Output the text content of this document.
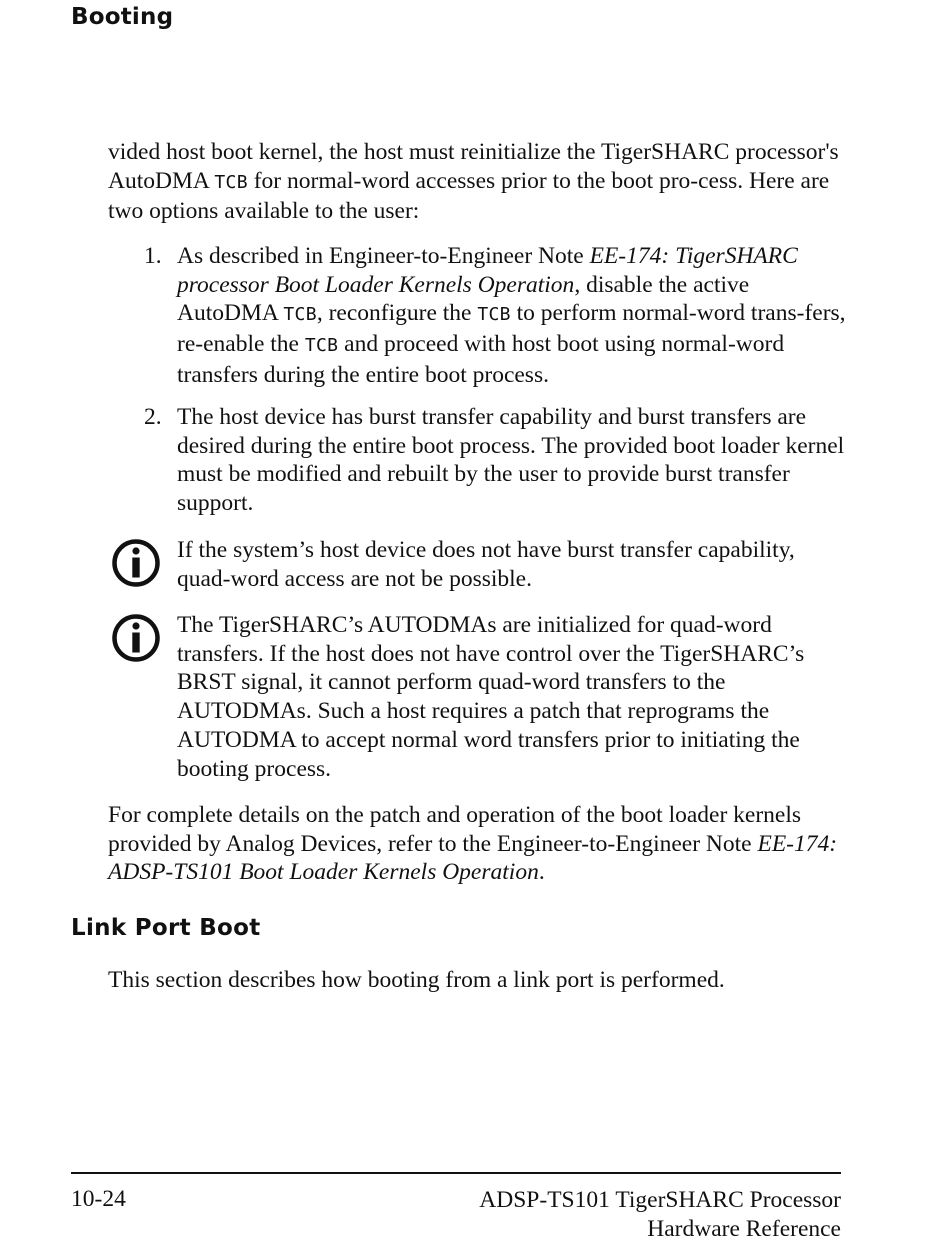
Booting

vided host boot kernel, the host must reinitialize the TigerSHARC processor's AutoDMA TCB for normal-word accesses prior to the boot pro-cess. Here are two options available to the user:

1. As described in Engineer-to-Engineer Note EE-174: TigerSHARC processor Boot Loader Kernels Operation, disable the active AutoDMA TCB, reconfigure the TCB to perform normal-word trans-fers, re-enable the TCB and proceed with host boot using normal-word transfers during the entire boot process.
2. The host device has burst transfer capability and burst transfers are desired during the entire boot process. The provided boot loader kernel must be modified and rebuilt by the user to provide burst transfer support.
If the system’s host device does not have burst transfer capability, quad-word access are not be possible.
The TigerSHARC’s AUTODMAs are initialized for quad-word transfers. If the host does not have control over the TigerSHARC’s BRST signal, it cannot perform quad-word transfers to the AUTODMAs. Such a host requires a patch that reprograms the AUTODMA to accept normal word transfers prior to initiating the booting process.

For complete details on the patch and operation of the boot loader kernels provided by Analog Devices, refer to the Engineer-to-Engineer Note EE-174: ADSP-TS101 Boot Loader Kernels Operation.

Link Port Boot

This section describes how booting from a link port is performed.

10-24	ADSP-TS101 TigerSHARC Processor
Hardware Reference
